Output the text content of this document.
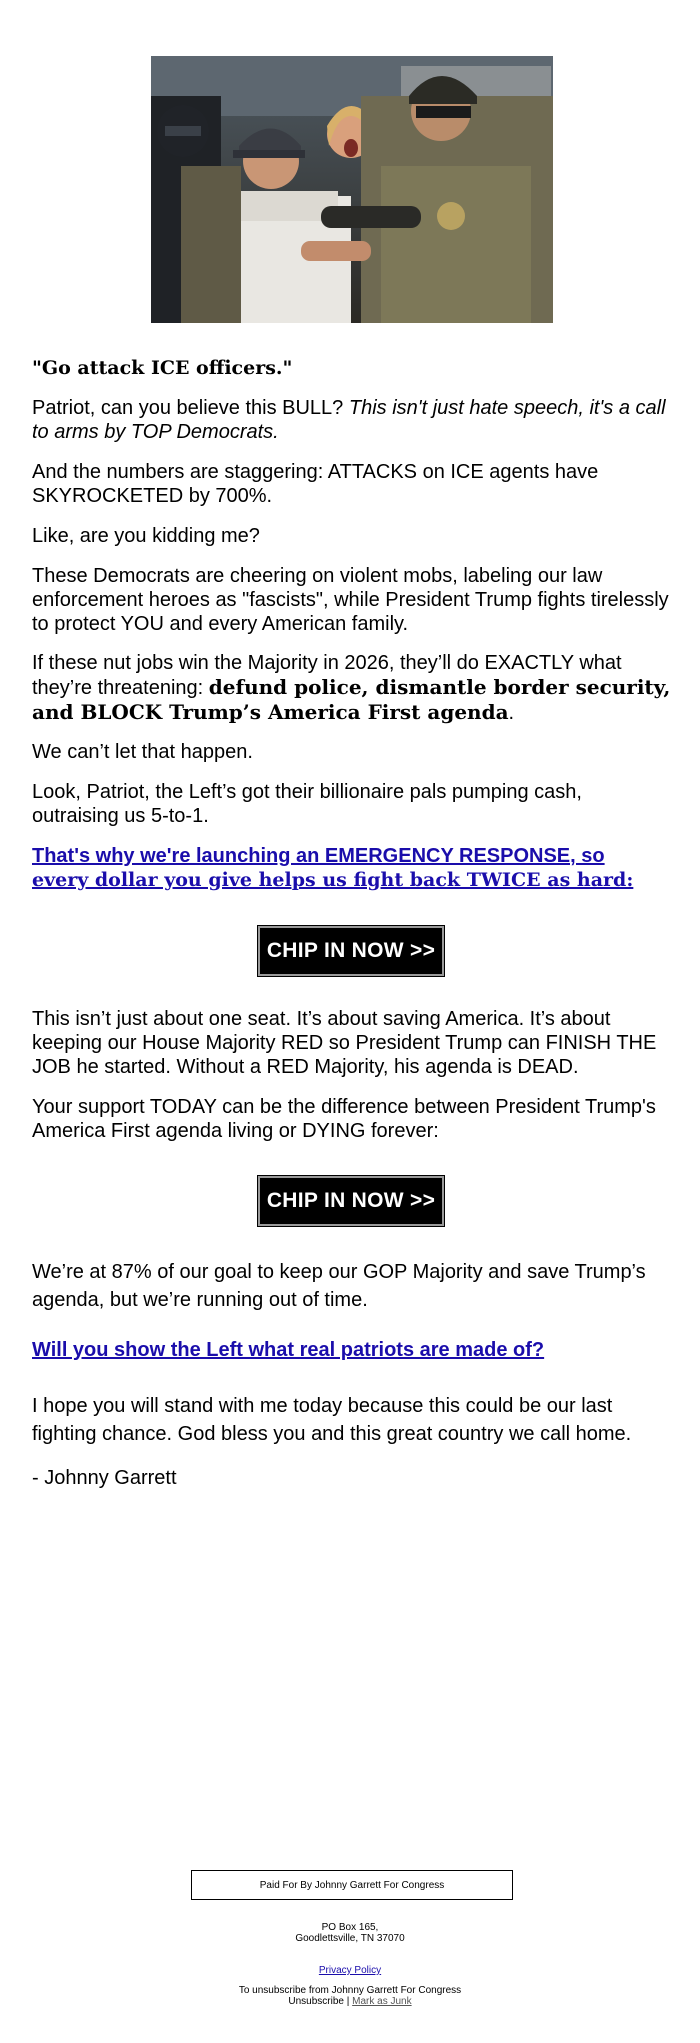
"Go attack ICE officers."

Patriot, can you believe this BULL? This isn't just hate speech, it's a call to arms by TOP Democrats.

And the numbers are staggering: ATTACKS on ICE agents have SKYROCKETED by 700%.

Like, are you kidding me?

These Democrats are cheering on violent mobs, labeling our law enforcement heroes as "fascists", while President Trump fights tirelessly to protect YOU and every American family.

If these nut jobs win the Majority in 2026, they’ll do EXACTLY what they’re threatening: defund police, dismantle border security, and BLOCK Trump’s America First agenda.

We can’t let that happen.

Look, Patriot, the Left’s got their billionaire pals pumping cash, outraising us 5-to-1.

That's why we're launching an EMERGENCY RESPONSE, so
every dollar you give helps us fight back TWICE as hard:
CHIP IN NOW >>

This isn’t just about one seat. It’s about saving America. It’s about keeping our House Majority RED so President Trump can FINISH THE JOB he started. Without a RED Majority, his agenda is DEAD.

Your support TODAY can be the difference between President Trump's America First agenda living or DYING forever:

CHIP IN NOW >>

We’re at 87% of our goal to keep our GOP Majority and save Trump’s agenda, but we’re running out of time.

Will you show the Left what real patriots are made of?

I hope you will stand with me today because this could be our last fighting chance. God bless you and this great country we call home.

- Johnny Garrett

Paid For By Johnny Garrett For Congress
PO Box 165,
Goodlettsville, TN 37070
Privacy Policy
To unsubscribe from Johnny Garrett For Congress
Unsubscribe | Mark as Junk
